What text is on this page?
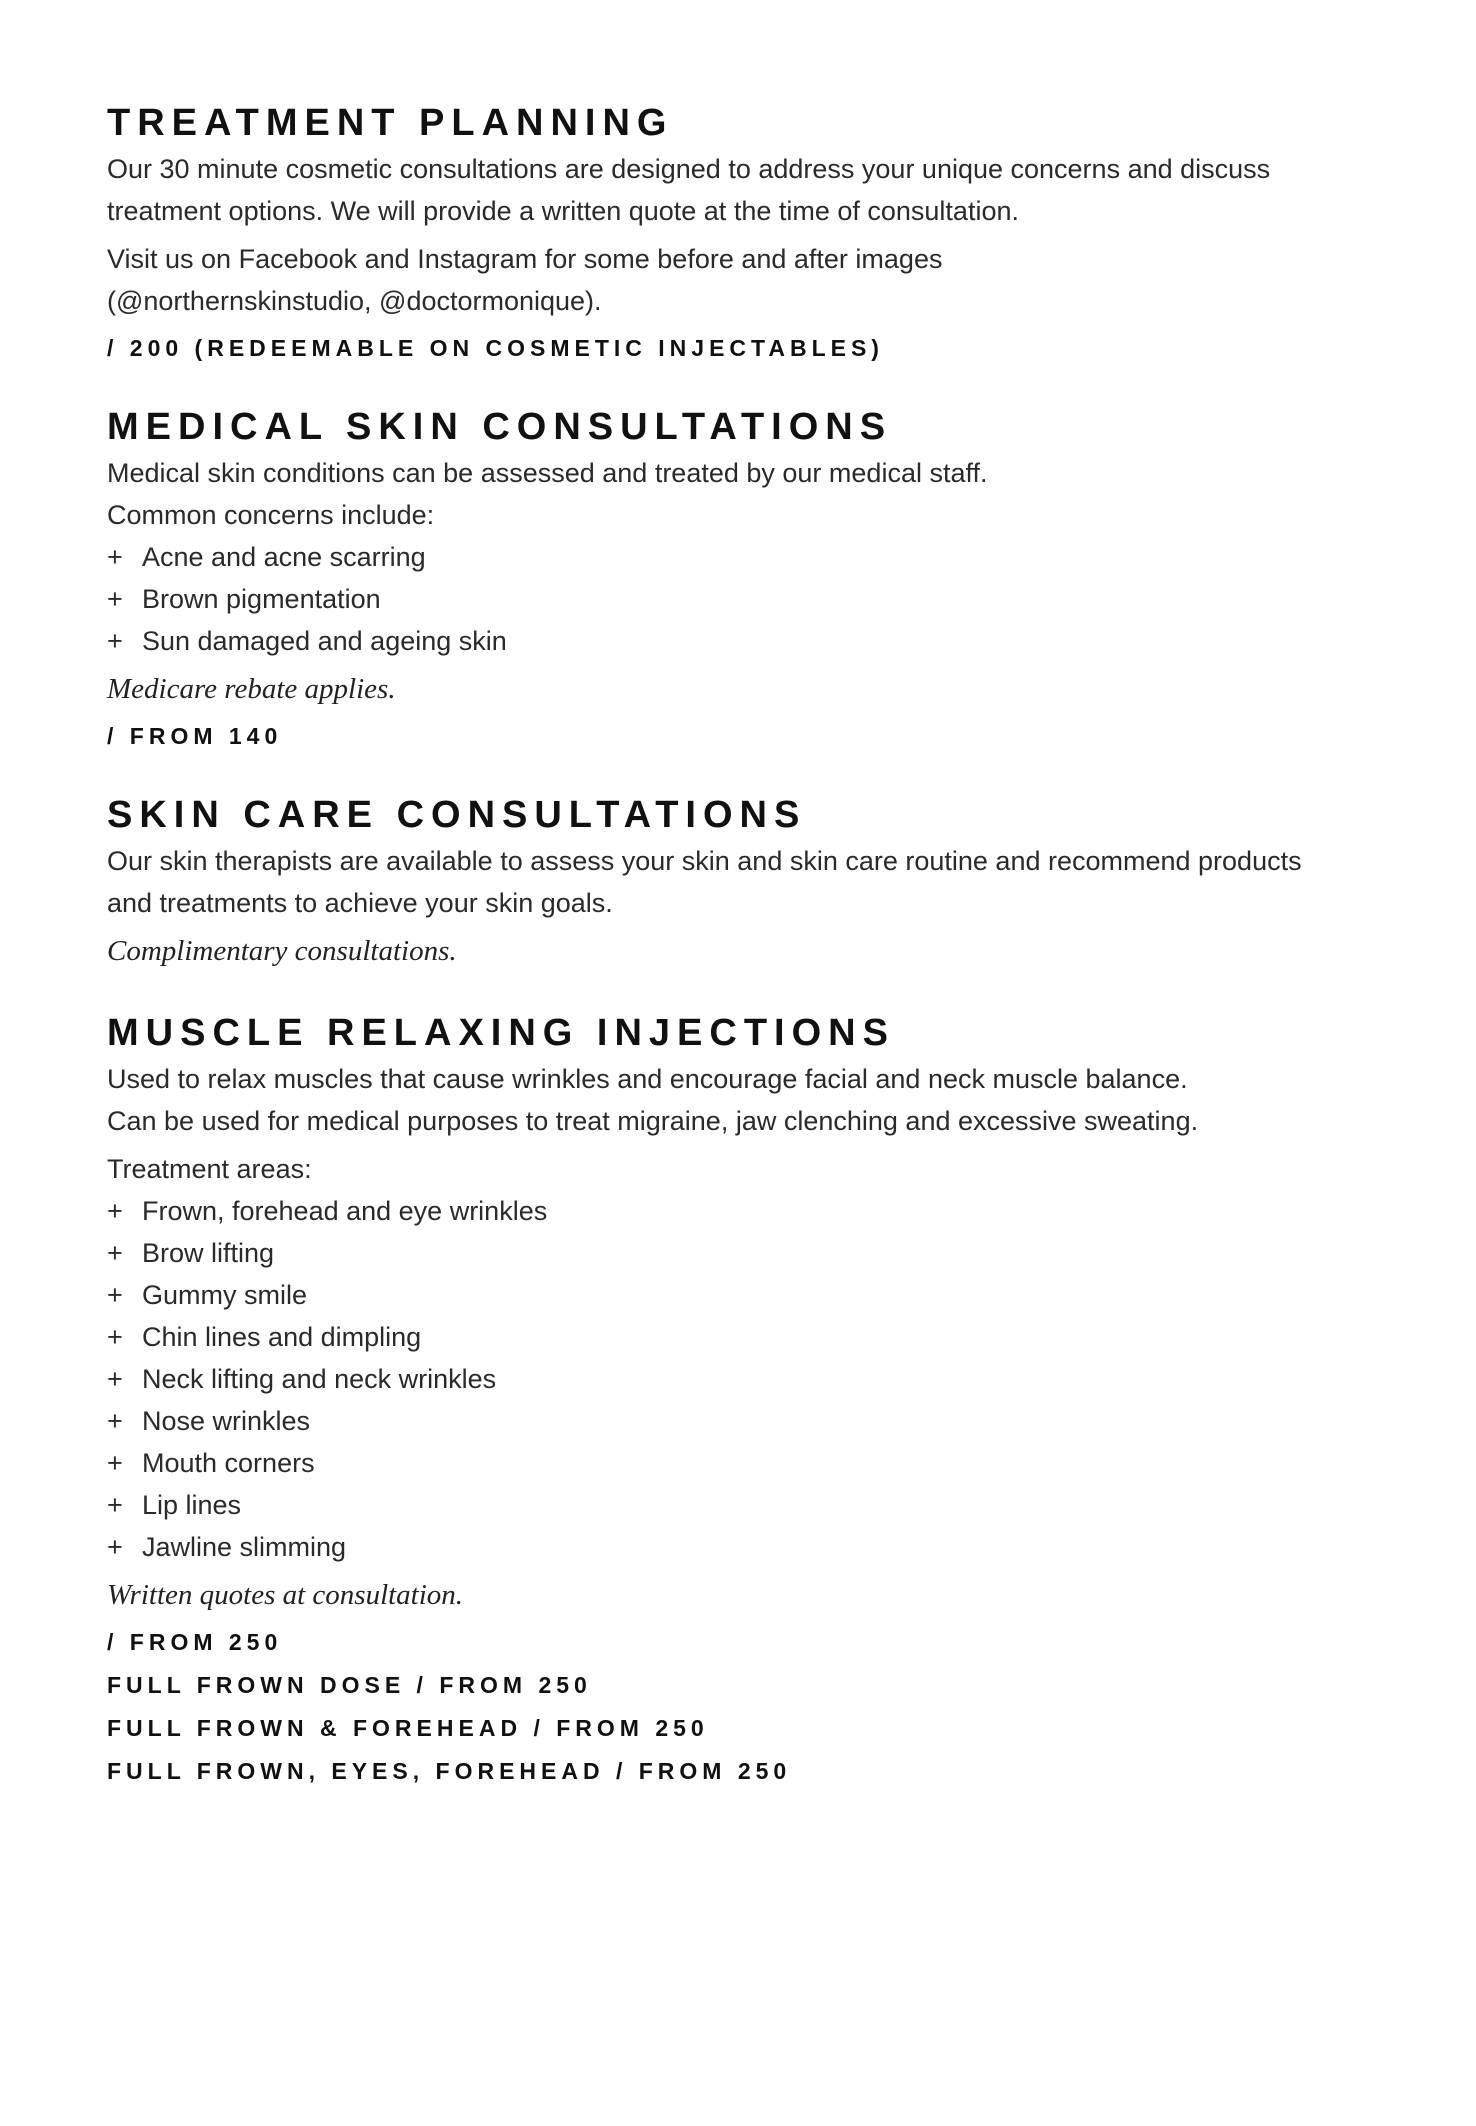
TREATMENT PLANNING

Our 30 minute cosmetic consultations are designed to address your unique concerns and discuss

treatment options. We will provide a written quote at the time of consultation.

Visit us on Facebook and Instagram for some before and after images

(@northernskinstudio, @doctormonique).

/ 200 (REDEEMABLE ON COSMETIC INJECTABLES)

MEDICAL SKIN CONSULTATIONS

Medical skin conditions can be assessed and treated by our medical staff.

Common concerns include:

+ Acne and acne scarring
+ Brown pigmentation
+ Sun damaged and ageing skin

Medicare rebate applies.

/ FROM 140

SKIN CARE CONSULTATIONS

Our skin therapists are available to assess your skin and skin care routine and recommend products

and treatments to achieve your skin goals.

Complimentary consultations.

MUSCLE RELAXING INJECTIONS

Used to relax muscles that cause wrinkles and encourage facial and neck muscle balance.

Can be used for medical purposes to treat migraine, jaw clenching and excessive sweating.

Treatment areas:

+ Frown, forehead and eye wrinkles
+ Brow lifting
+ Gummy smile
+ Chin lines and dimpling
+ Neck lifting and neck wrinkles
+ Nose wrinkles
+ Mouth corners
+ Lip lines
+ Jawline slimming

Written quotes at consultation.

/ FROM 250

FULL FROWN DOSE / FROM 250

FULL FROWN & FOREHEAD / FROM 250

FULL FROWN, EYES, FOREHEAD / FROM 250
